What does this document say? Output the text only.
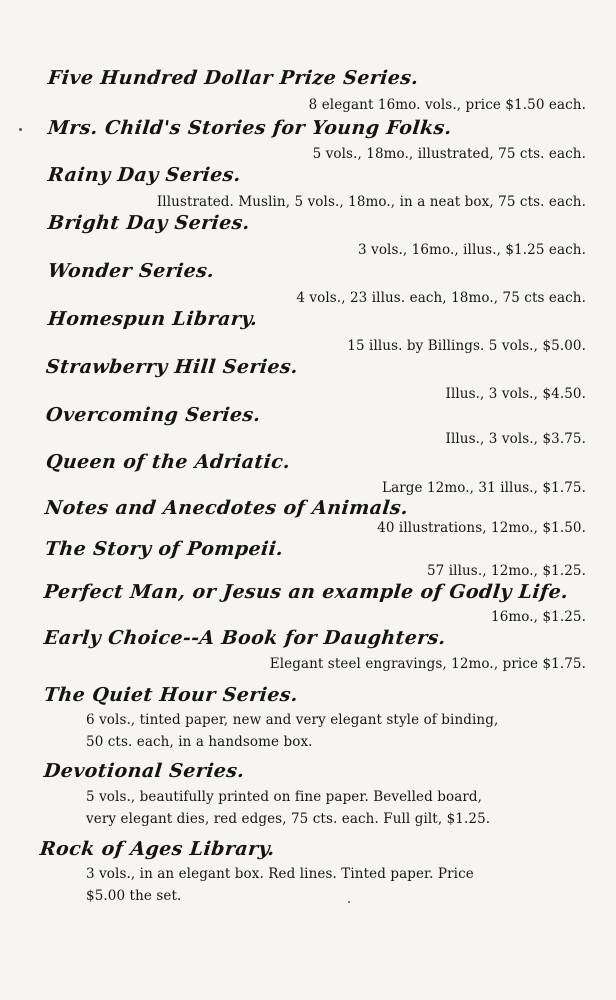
Five Hundred Dollar Prize Series.
8 elegant 16mo. vols., price $1.50 each.
Mrs. Child's Stories for Young Folks.
5 vols., 18mo., illustrated, 75 cts. each.
Rainy Day Series.
Illustrated. Muslin, 5 vols., 18mo., in a neat box, 75 cts. each.
Bright Day Series.
3 vols., 16mo., illus., $1.25 each.
Wonder Series.
4 vols., 23 illus. each, 18mo., 75 cts each.
Homespun Library.
15 illus. by Billings. 5 vols., $5.00.
Strawberry Hill Series.
Illus., 3 vols., $4.50.
Overcoming Series.
Illus., 3 vols., $3.75.
Queen of the Adriatic.
Large 12mo., 31 illus., $1.75.
Notes and Anecdotes of Animals.
40 illustrations, 12mo., $1.50.
The Story of Pompeii.
57 illus., 12mo., $1.25.
Perfect Man, or Jesus an example of Godly Life.
16mo., $1.25.
Early Choice--A Book for Daughters.
Elegant steel engravings, 12mo., price $1.75.
The Quiet Hour Series.
6 vols., tinted paper, new and very elegant style of binding,
50 cts. each, in a handsome box.
Devotional Series.
5 vols., beautifully printed on fine paper. Bevelled board,
very elegant dies, red edges, 75 cts. each. Full gilt, $1.25.
Rock of Ages Library.
3 vols., in an elegant box. Red lines. Tinted paper. Price
$5.00 the set.
